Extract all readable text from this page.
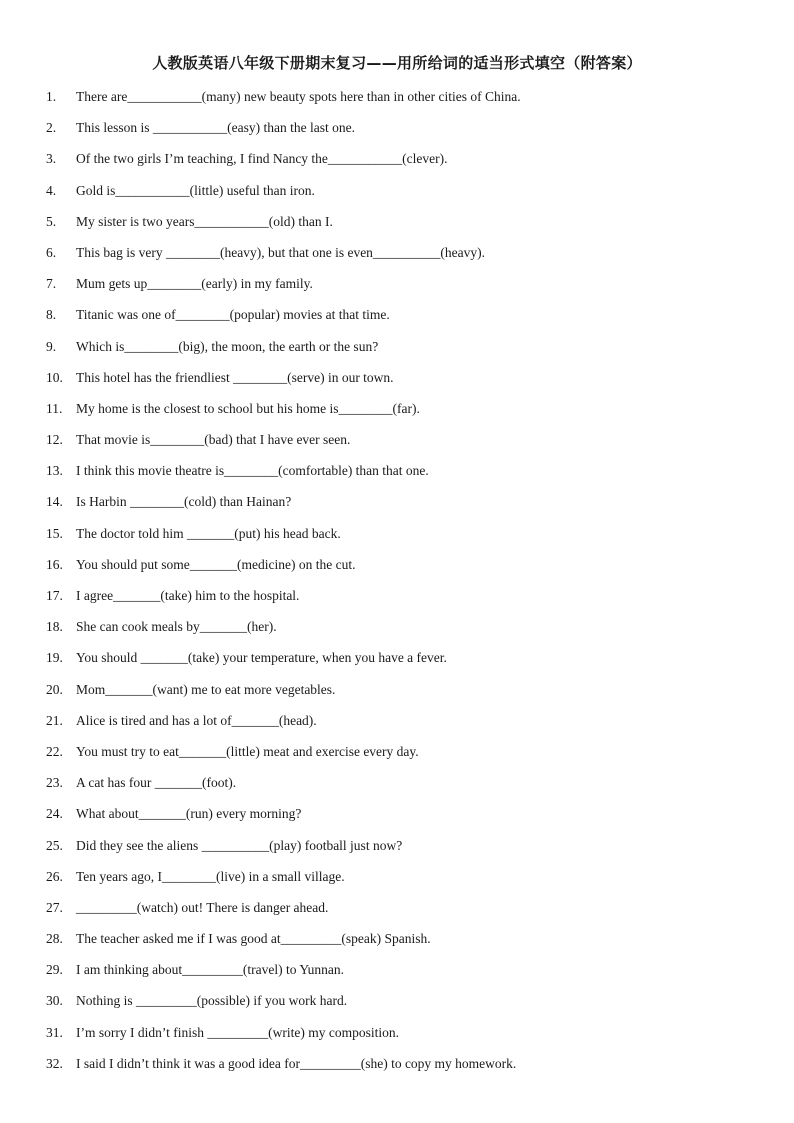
人教版英语八年级下册期末复习——用所给词的适当形式填空（附答案）
1.	There are___________(many) new beauty spots here than in other cities of China.
2.	This lesson is ___________(easy) than the last one.
3.	Of the two girls I’m teaching, I find Nancy the___________(clever).
4.	Gold is___________(little) useful than iron.
5.	My sister is two years___________(old) than I.
6.	This bag is very ________(heavy), but that one is even__________(heavy).
7.	Mum gets up________(early) in my family.
8.	Titanic was one of________(popular) movies at that time.
9.	Which is________(big), the moon, the earth or the sun?
10. This hotel has the friendliest ________(serve) in our town.
11.	My home is the closest to school but his home is________(far).
12. That movie is________(bad) that I have ever seen.
13. I think this movie theatre is________(comfortable) than that one.
14. Is Harbin ________(cold) than Hainan?
15. The doctor told him _______(put) his head back.
16. You should put some_______(medicine) on the cut.
17. I agree_______(take) him to the hospital.
18. She can cook meals by_______(her).
19. You should _______(take) your temperature, when you have a fever.
20. Mom_______(want) me to eat more vegetables.
21. Alice is tired and has a lot of_______(head).
22. You must try to eat_______(little) meat and exercise every day.
23. A cat has four _______(foot).
24. What about_______(run) every morning?
25. Did they see the aliens __________(play) football just now?
26. Ten years ago, I________(live) in a small village.
27. _________(watch) out! There is danger ahead.
28. The teacher asked me if I was good at_________(speak) Spanish.
29. I am thinking about_________(travel) to Yunnan.
30. Nothing is _________(possible) if you work hard.
31. I’m sorry I didn’t finish _________(write) my composition.
32. I said I didn’t think it was a good idea for_________(she) to copy my homework.
